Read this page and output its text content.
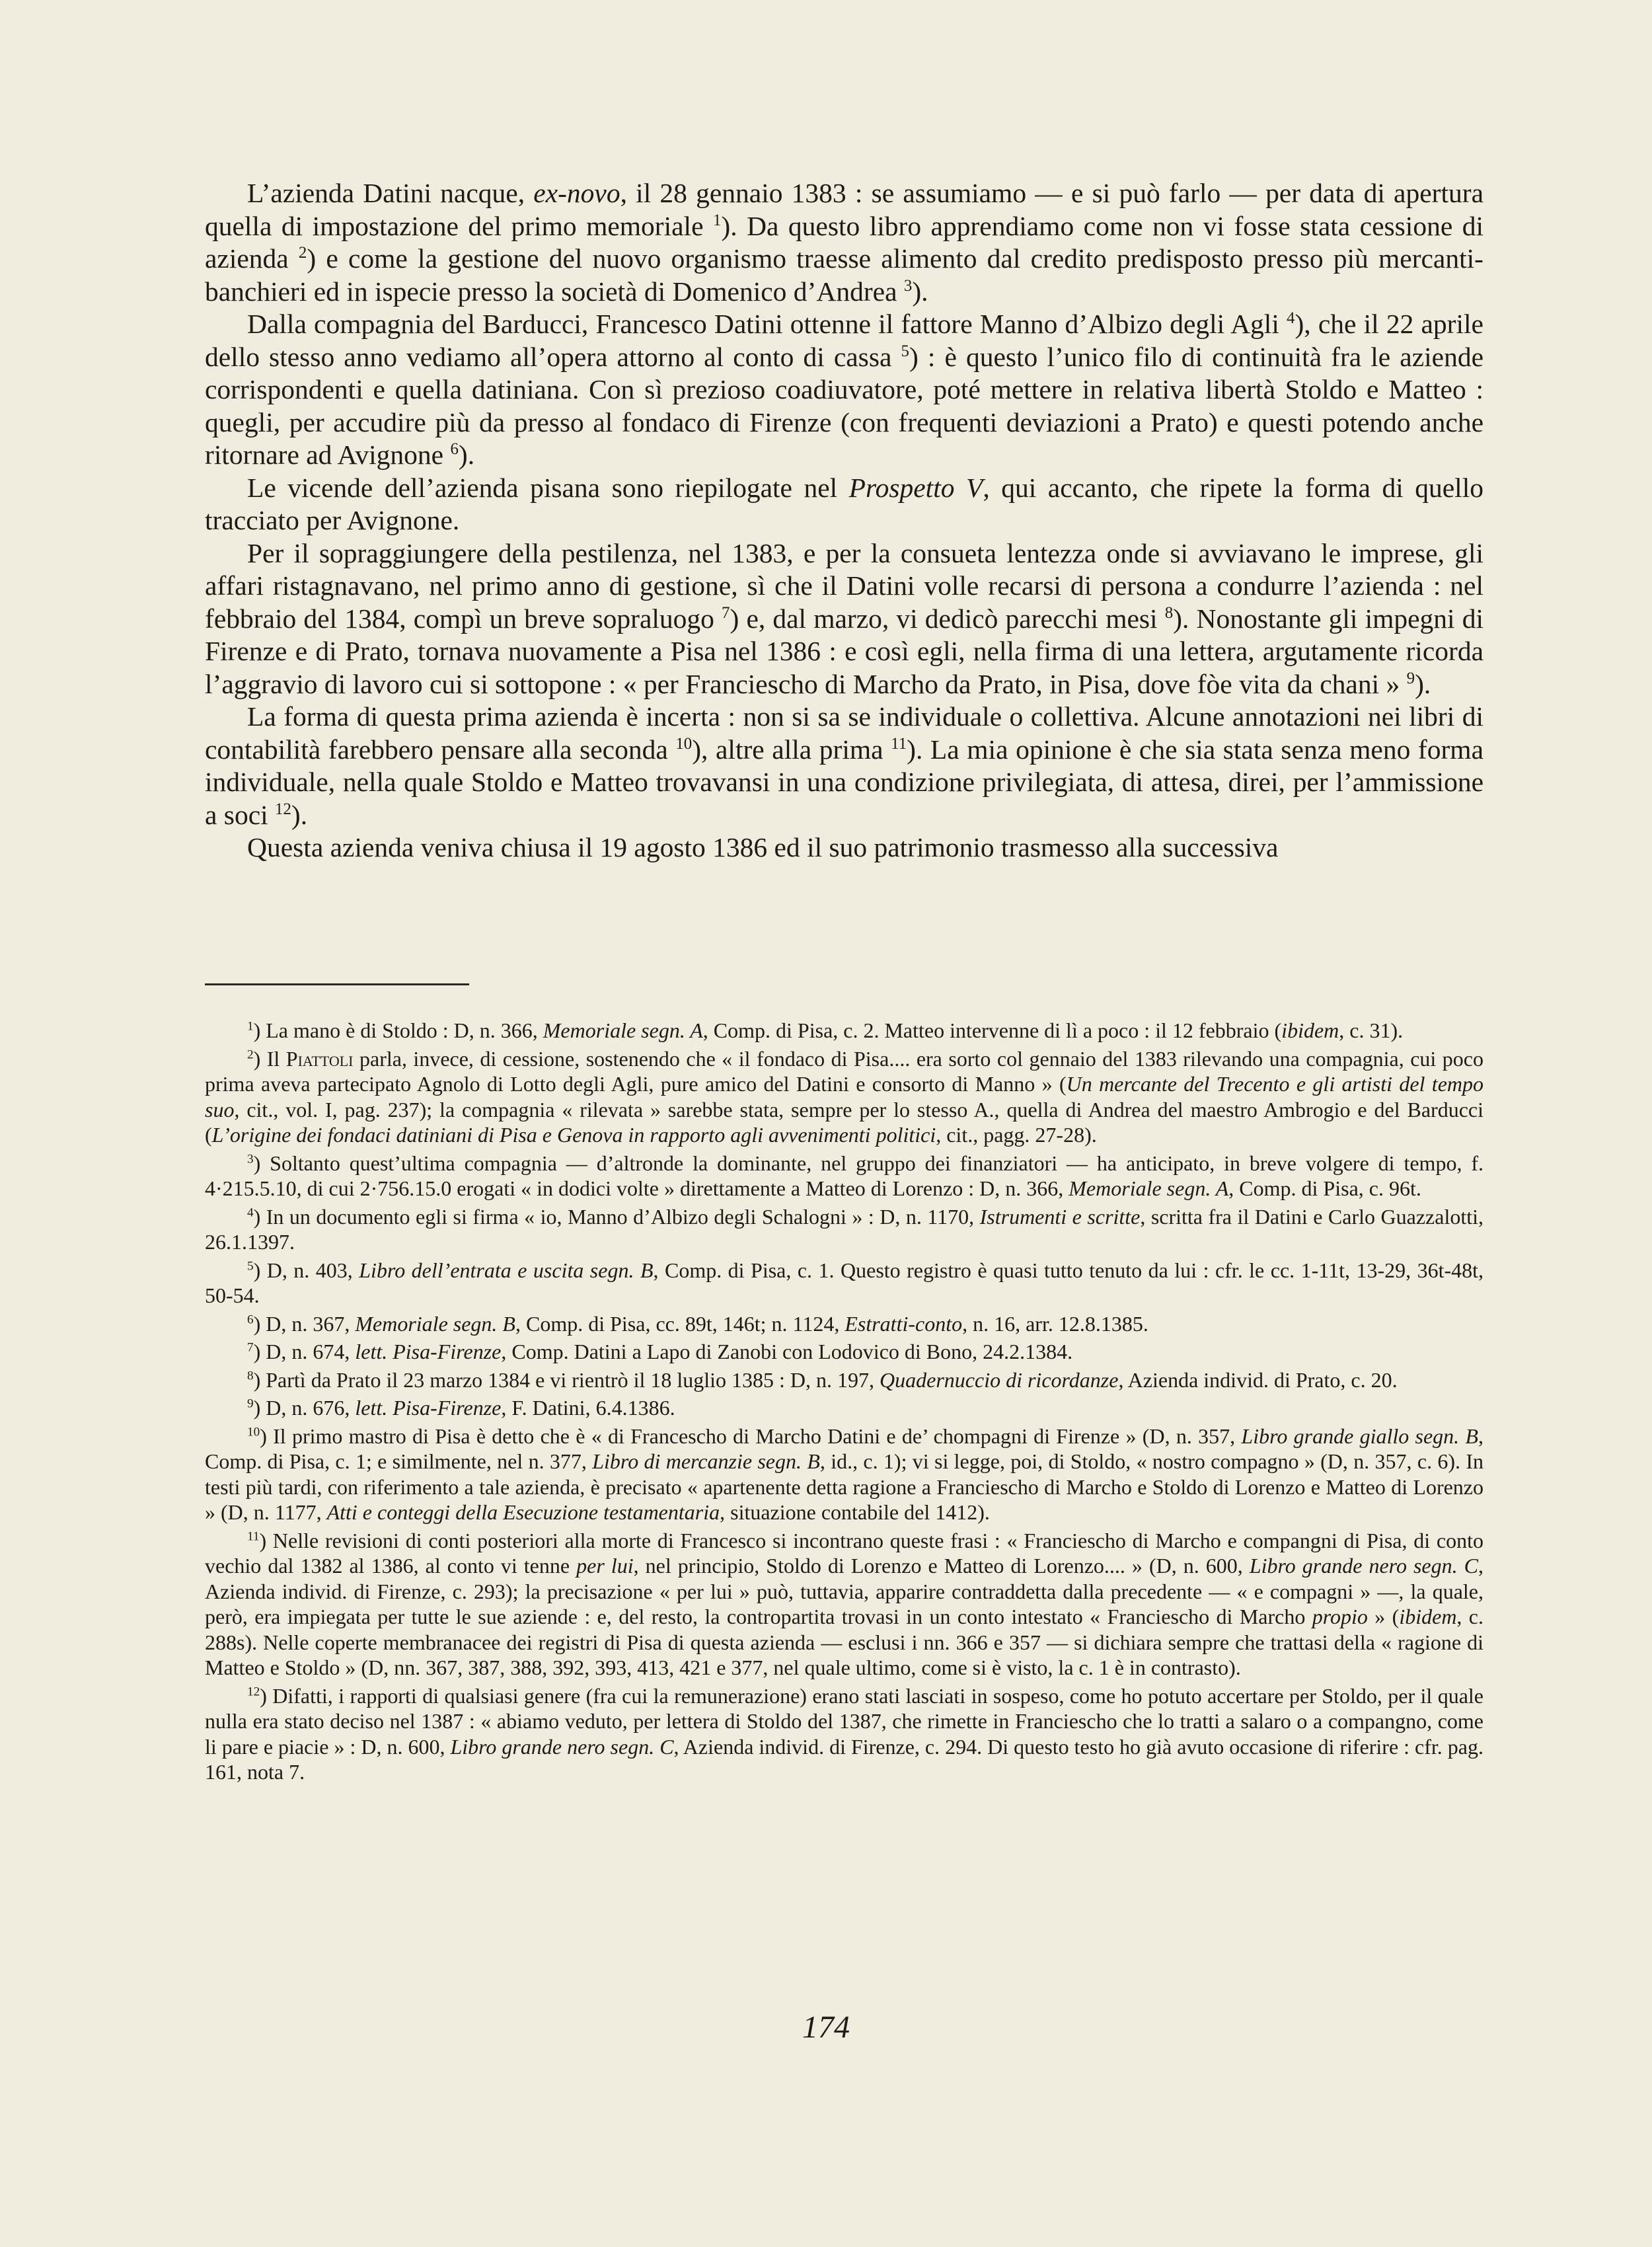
L’azienda Datini nacque, ex-novo, il 28 gennaio 1383 : se assumiamo — e si può farlo — per data di apertura quella di impostazione del primo memoriale $^1$). Da questo libro apprendiamo come non vi fosse stata cessione di azienda $^2$) e come la gestione del nuovo organismo traesse alimento dal credito predisposto presso più mercanti-banchieri ed in ispecie presso la società di Domenico d’Andrea $^3$).

Dalla compagnia del Barducci, Francesco Datini ottenne il fattore Manno d’Albizo degli Agli $^4$), che il 22 aprile dello stesso anno vediamo all’opera attorno al conto di cassa $^5$) : è questo l’unico filo di continuità fra le aziende corrispondenti e quella datiniana. Con sì prezioso coadiuvatore, poté mettere in relativa libertà Stoldo e Matteo : quegli, per accudire più da presso al fondaco di Firenze (con frequenti deviazioni a Prato) e questi potendo anche ritornare ad Avignone $^6$).

Le vicende dell’azienda pisana sono riepilogate nel Prospetto V, qui accanto, che ripete la forma di quello tracciato per Avignone.

Per il sopraggiungere della pestilenza, nel 1383, e per la consueta lentezza onde si avviavano le imprese, gli affari ristagnavano, nel primo anno di gestione, sì che il Datini volle recarsi di persona a condurre l’azienda : nel febbraio del 1384, compì un breve sopraluogo $^7$) e, dal marzo, vi dedicò parecchi mesi $^8$). Nonostante gli impegni di Firenze e di Prato, tornava nuovamente a Pisa nel 1386 : e così egli, nella firma di una lettera, argutamente ricorda l’aggravio di lavoro cui si sottopone : « per Franciescho di Marcho da Prato, in Pisa, dove fòe vita da chani » $^9$).

La forma di questa prima azienda è incerta : non si sa se individuale o collettiva. Alcune annotazioni nei libri di contabilità farebbero pensare alla seconda $^{10}$), altre alla prima $^{11}$). La mia opinione è che sia stata senza meno forma individuale, nella quale Stoldo e Matteo trovavansi in una condizione privilegiata, di attesa, direi, per l’ammissione a soci $^{12}$).

Questa azienda veniva chiusa il 19 agosto 1386 ed il suo patrimonio trasmesso alla successiva

$^1$) La mano è di Stoldo : D, n. 366, Memoriale segn. A, Comp. di Pisa, c. 2. Matteo intervenne di lì a poco : il 12 febbraio (ibidem, c. 31).

$^2$) Il Piattoli parla, invece, di cessione, sostenendo che « il fondaco di Pisa.... era sorto col gennaio del 1383 rilevando una compagnia, cui poco prima aveva partecipato Agnolo di Lotto degli Agli, pure amico del Datini e consorto di Manno » (Un mercante del Trecento e gli artisti del tempo suo, cit., vol. I, pag. 237); la compagnia « rilevata » sarebbe stata, sempre per lo stesso A., quella di Andrea del maestro Ambrogio e del Barducci (L’origine dei fondaci datiniani di Pisa e Genova in rapporto agli avvenimenti politici, cit., pagg. 27-28).

$^3$) Soltanto quest’ultima compagnia — d’altronde la dominante, nel gruppo dei finanziatori — ha anticipato, in breve volgere di tempo, f. 4·215.5.10, di cui 2·756.15.0 erogati « in dodici volte » direttamente a Matteo di Lorenzo : D, n. 366, Memoriale segn. A, Comp. di Pisa, c. 96t.

$^4$) In un documento egli si firma « io, Manno d’Albizo degli Schalogni » : D, n. 1170, Istrumenti e scritte, scritta fra il Datini e Carlo Guazzalotti, 26.1.1397.

$^5$) D, n. 403, Libro dell’entrata e uscita segn. B, Comp. di Pisa, c. 1. Questo registro è quasi tutto tenuto da lui : cfr. le cc. 1-11t, 13-29, 36t-48t, 50-54.

$^6$) D, n. 367, Memoriale segn. B, Comp. di Pisa, cc. 89t, 146t; n. 1124, Estratti-conto, n. 16, arr. 12.8.1385.

$^7$) D, n. 674, lett. Pisa-Firenze, Comp. Datini a Lapo di Zanobi con Lodovico di Bono, 24.2.1384.

$^8$) Partì da Prato il 23 marzo 1384 e vi rientrò il 18 luglio 1385 : D, n. 197, Quadernuccio di ricordanze, Azienda individ. di Prato, c. 20.

$^9$) D, n. 676, lett. Pisa-Firenze, F. Datini, 6.4.1386.

$^{10}$) Il primo mastro di Pisa è detto che è « di Francescho di Marcho Datini e de’ chompagni di Firenze » (D, n. 357, Libro grande giallo segn. B, Comp. di Pisa, c. 1; e similmente, nel n. 377, Libro di mercanzie segn. B, id., c. 1); vi si legge, poi, di Stoldo, « nostro compagno » (D, n. 357, c. 6). In testi più tardi, con riferimento a tale azienda, è precisato « apartenente detta ragione a Franciescho di Marcho e Stoldo di Lorenzo e Matteo di Lorenzo » (D, n. 1177, Atti e conteggi della Esecuzione testamentaria, situazione contabile del 1412).

$^{11}$) Nelle revisioni di conti posteriori alla morte di Francesco si incontrano queste frasi : « Franciescho di Marcho e compangni di Pisa, di conto vechio dal 1382 al 1386, al conto vi tenne per lui, nel principio, Stoldo di Lorenzo e Matteo di Lorenzo.... » (D, n. 600, Libro grande nero segn. C, Azienda individ. di Firenze, c. 293); la precisazione « per lui » può, tuttavia, apparire contraddetta dalla precedente — « e compagni » —, la quale, però, era impiegata per tutte le sue aziende : e, del resto, la contropartita trovasi in un conto intestato « Franciescho di Marcho propio » (ibidem, c. 288s). Nelle coperte membranacee dei registri di Pisa di questa azienda — esclusi i nn. 366 e 357 — si dichiara sempre che trattasi della « ragione di Matteo e Stoldo » (D, nn. 367, 387, 388, 392, 393, 413, 421 e 377, nel quale ultimo, come si è visto, la c. 1 è in contrasto).

$^{12}$) Difatti, i rapporti di qualsiasi genere (fra cui la remunerazione) erano stati lasciati in sospeso, come ho potuto accertare per Stoldo, per il quale nulla era stato deciso nel 1387 : « abiamo veduto, per lettera di Stoldo del 1387, che rimette in Franciescho che lo tratti a salaro o a compangno, come li pare e piacie » : D, n. 600, Libro grande nero segn. C, Azienda individ. di Firenze, c. 294. Di questo testo ho già avuto occasione di riferire : cfr. pag. 161, nota 7.

174
